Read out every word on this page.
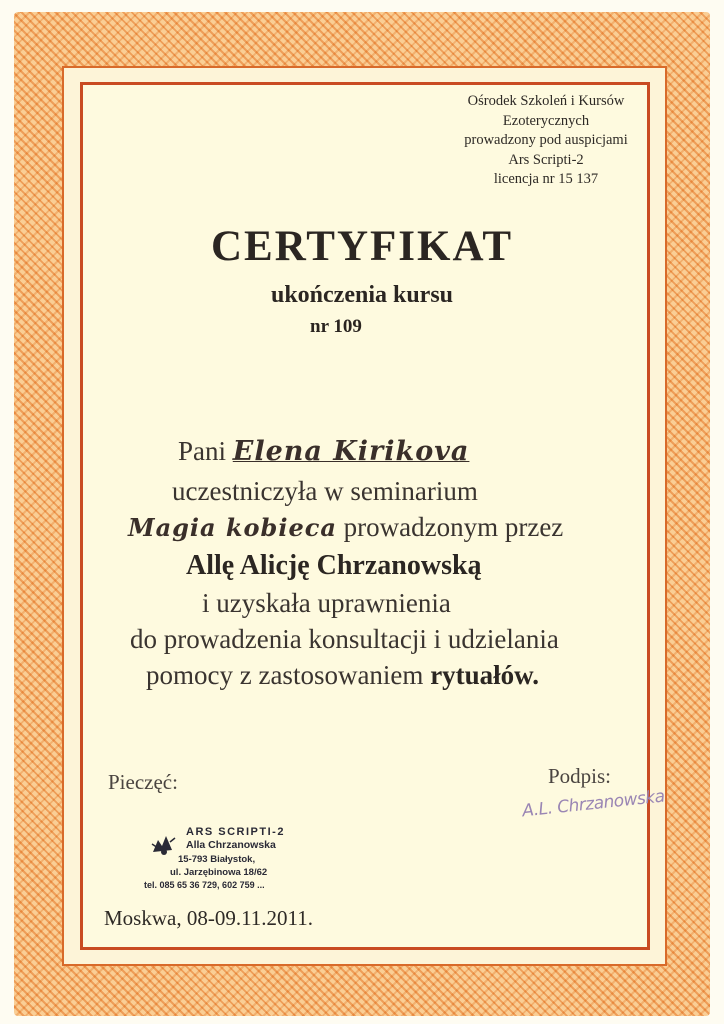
Ośrodek Szkoleń i Kursów
Ezoterycznych
prowadzony pod auspicjami
Ars Scripti-2
licencja nr 15 137
CERTYFIKAT
ukończenia kursu
nr 109
Pani Elena Kirikova
uczestniczyła w seminarium
Magia kobieca prowadzonym przez
Allę Alicję Chrzanowską
i uzyskała uprawnienia
do prowadzenia konsultacji i udzielania
pomocy z zastosowaniem rytuałów.
Pieczęć:	Podpis:
ARS SCRIPTI-2
Alla Chrzanowska
15-793 Białystok,
ul. Jarzębinowa 18/62
tel. 085 65 36 729, 602 759 ...
A.L. Chrzanowska
Moskwa, 08-09.11.2011.
